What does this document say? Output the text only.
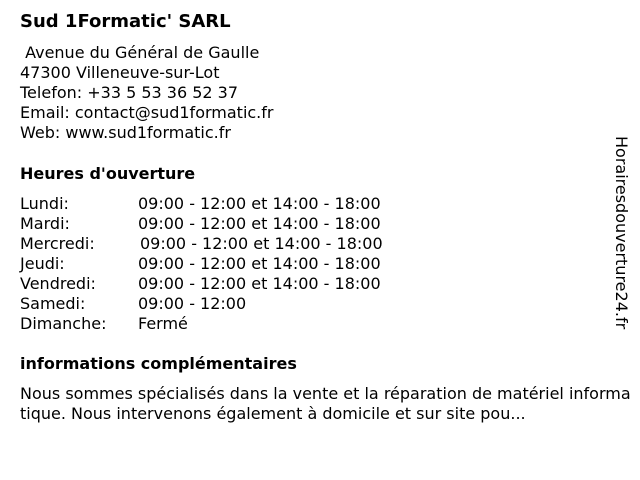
Sud 1Formatic' SARL
Avenue du Général de Gaulle
47300 Villeneuve-sur-Lot
Telefon: +33 5 53 36 52 37
Email: contact@sud1formatic.fr
Web: www.sud1formatic.fr
Heures d'ouverture
Lundi:	09:00 - 12:00 et 14:00 - 18:00
Mardi:	09:00 - 12:00 et 14:00 - 18:00
Mercredi:	09:00 - 12:00 et 14:00 - 18:00
Jeudi:	09:00 - 12:00 et 14:00 - 18:00
Vendredi:	09:00 - 12:00 et 14:00 - 18:00
Samedi:	09:00 - 12:00
Dimanche: Fermé
informations complémentaires
Nous sommes spécialisés dans la vente et la réparation de matériel informatique. Nous intervenons également à domicile et sur site pou...
Horairesdouverture24.fr
